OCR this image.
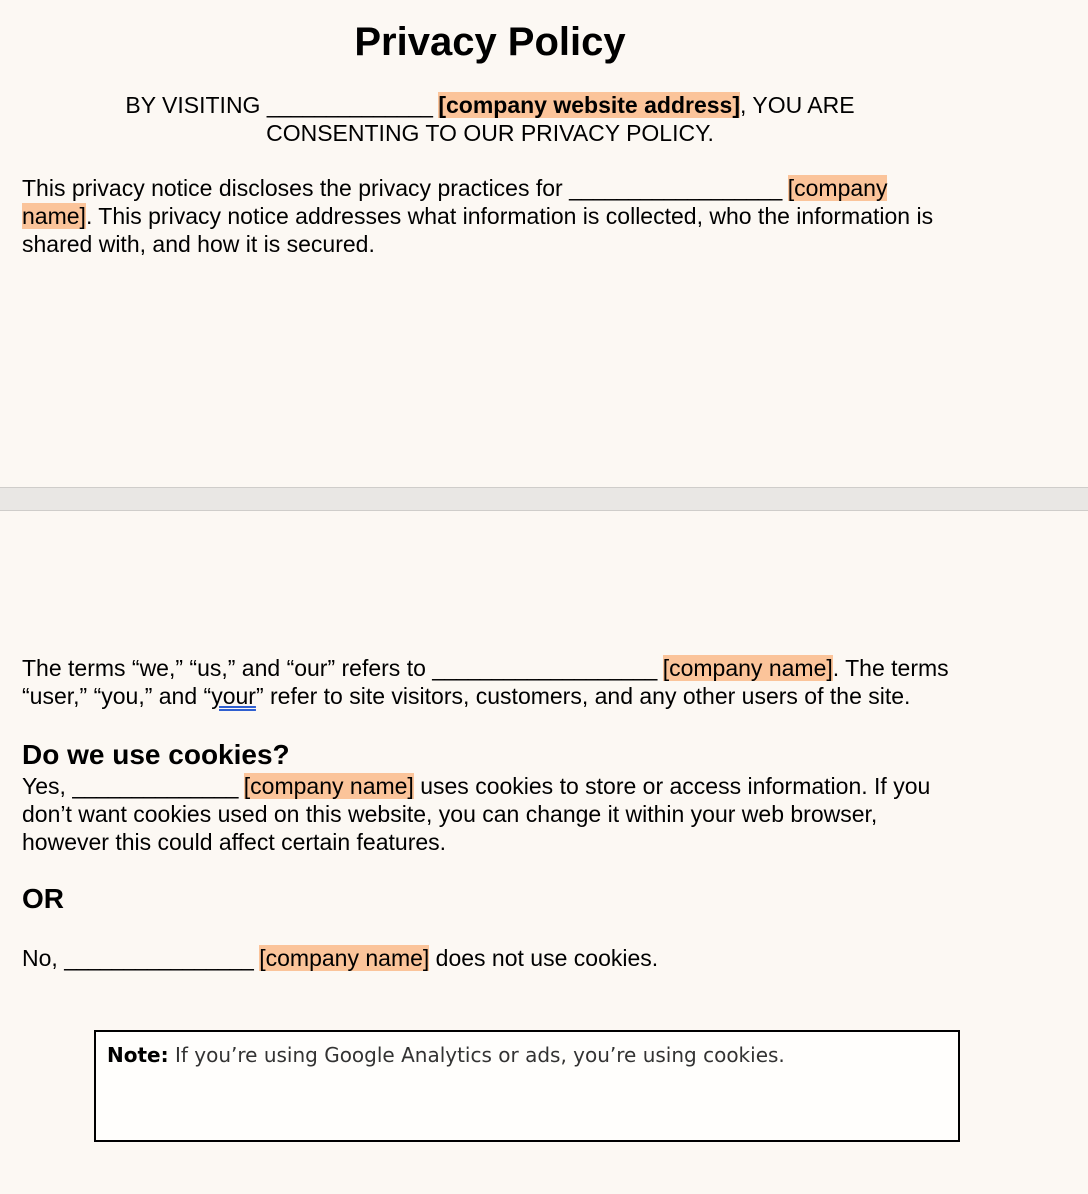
Privacy Policy
BY VISITING ______________ [company website address], YOU ARE CONSENTING TO OUR PRIVACY POLICY.
This privacy notice discloses the privacy practices for __________________ [company name]. This privacy notice addresses what information is collected, who the information is shared with, and how it is secured.
The terms “we,” “us,” and “our” refers to ___________________ [company name]. The terms “user,” “you,” and “your” refer to site visitors, customers, and any other users of the site.
Do we use cookies?
Yes, ______________ [company name] uses cookies to store or access information. If you don’t want cookies used on this website, you can change it within your web browser, however this could affect certain features.
OR
No, ________________ [company name] does not use cookies.
Note: If you’re using Google Analytics or ads, you’re using cookies.
